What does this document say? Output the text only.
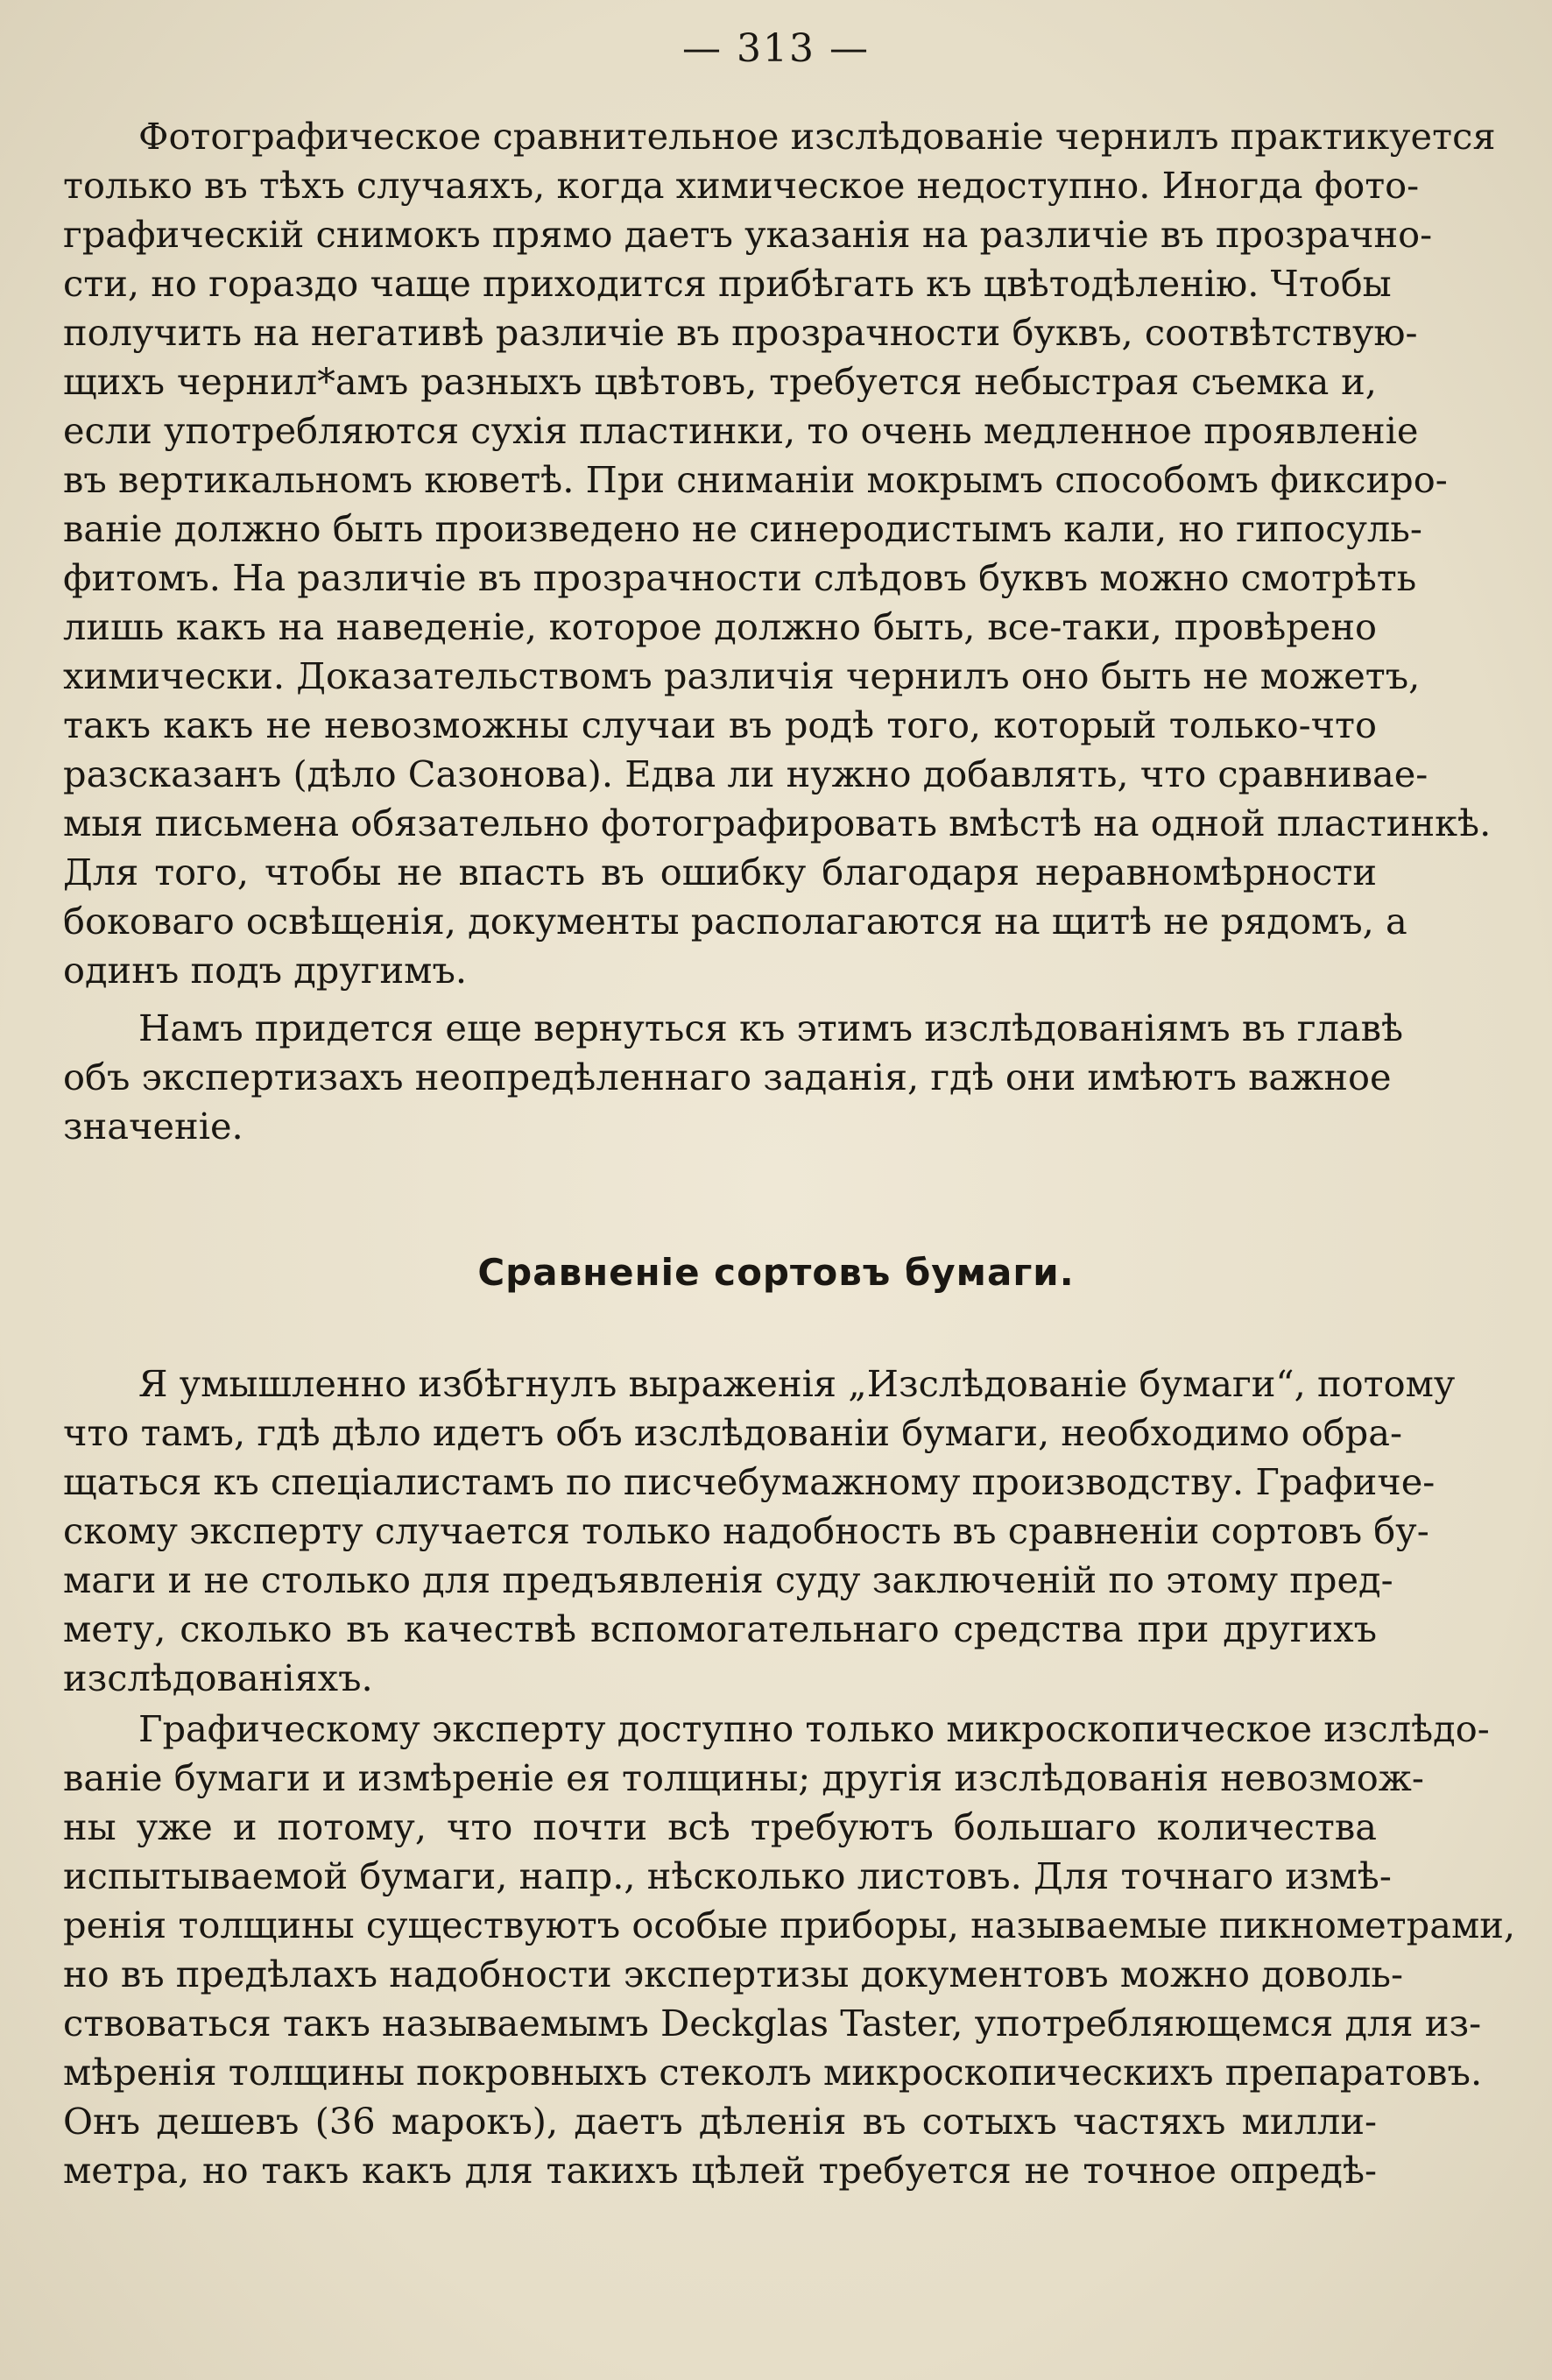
— 313 —
Фотографическое сравнительное изслѣдованіе чернилъ практикуется
только въ тѣхъ случаяхъ, когда химическое недоступно. Иногда фото-
графическій снимокъ прямо даетъ указанія на различіе въ прозрачно-
сти, но гораздо чаще приходится прибѣгать къ цвѣтодѣленію. Чтобы
получить на негативѣ различіе въ прозрачности буквъ, соотвѣтствую-
щихъ чернил*амъ разныхъ цвѣтовъ, требуется небыстрая съемка и,
если употребляются сухія пластинки, то очень медленное проявленіе
въ вертикальномъ кюветѣ. При сниманіи мокрымъ способомъ фиксиро-
ваніе должно быть произведено не синеродистымъ кали, но гипосуль-
фитомъ. На различіе въ прозрачности слѣдовъ буквъ можно смотрѣть
лишь какъ на наведеніе, которое должно быть, все-таки, провѣрено
химически. Доказательствомъ различія чернилъ оно быть не можетъ,
такъ какъ не невозможны случаи въ родѣ того, который только-что
разсказанъ (дѣло Сазонова). Едва ли нужно добавлять, что сравнивае-
мыя письмена обязательно фотографировать вмѣстѣ на одной пластинкѣ.
Для того, чтобы не впасть въ ошибку благодаря неравномѣрности
боковаго освѣщенія, документы располагаются на щитѣ не рядомъ, а
одинъ подъ другимъ.
Намъ придется еще вернуться къ этимъ изслѣдованіямъ въ главѣ
объ экспертизахъ неопредѣленнаго заданія, гдѣ они имѣютъ важное
значеніе.
Сравненіе сортовъ бумаги.
Я умышленно избѣгнулъ выраженія „Изслѣдованіе бумаги“, потому
что тамъ, гдѣ дѣло идетъ объ изслѣдованіи бумаги, необходимо обра-
щаться къ спеціалистамъ по писчебумажному производству. Графиче-
скому эксперту случается только надобность въ сравненіи сортовъ бу-
маги и не столько для предъявленія суду заключеній по этому пред-
мету, сколько въ качествѣ вспомогательнаго средства при другихъ
изслѣдованіяхъ.
Графическому эксперту доступно только микроскопическое изслѣдо-
ваніе бумаги и измѣреніе ея толщины; другія изслѣдованія невозмож-
ны уже и потому, что почти всѣ требуютъ большаго количества
испытываемой бумаги, напр., нѣсколько листовъ. Для точнаго измѣ-
ренія толщины существуютъ особые приборы, называемые пикнометрами,
но въ предѣлахъ надобности экспертизы документовъ можно доволь-
ствоваться такъ называемымъ Deckglas Taster, употребляющемся для из-
мѣренія толщины покровныхъ стеколъ микроскопическихъ препаратовъ.
Онъ дешевъ (36 марокъ), даетъ дѣленія въ сотыхъ частяхъ милли-
метра, но такъ какъ для такихъ цѣлей требуется не точное опредѣ-
